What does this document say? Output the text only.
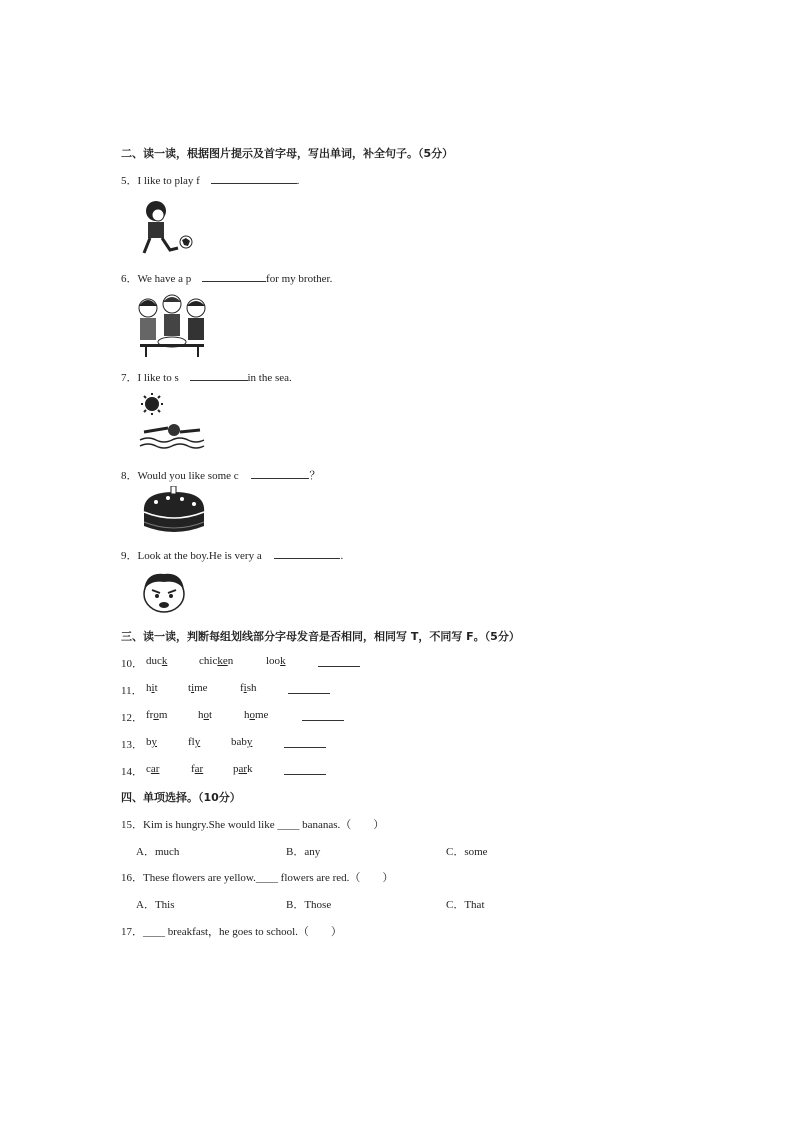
二、读一读，根据图片提示及首字母，写出单词，补全句子。（5分）
5．I like to play f	.
6．We have a p	for my brother.
7．I like to s	in the sea.
8．Would you like some c	？
9．Look at the boy.He is very a	.
三、读一读，判断每组划线部分字母发音是否相同，相同写 T，不同写 F。（5分）
10． duck	chicken	look
11． hit	time	fish
12． from	hot	home
13． by	fly	baby
14． car	far	park
四、单项选择。（10分）
15．Kim is hungry.She would like ____ bananas.（　　）
A．much	B．any	C．some
16．These flowers are yellow.____ flowers are red.（　　）
A．This	B．Those	C．That
17．____ breakfast，he goes to school.（　　）
